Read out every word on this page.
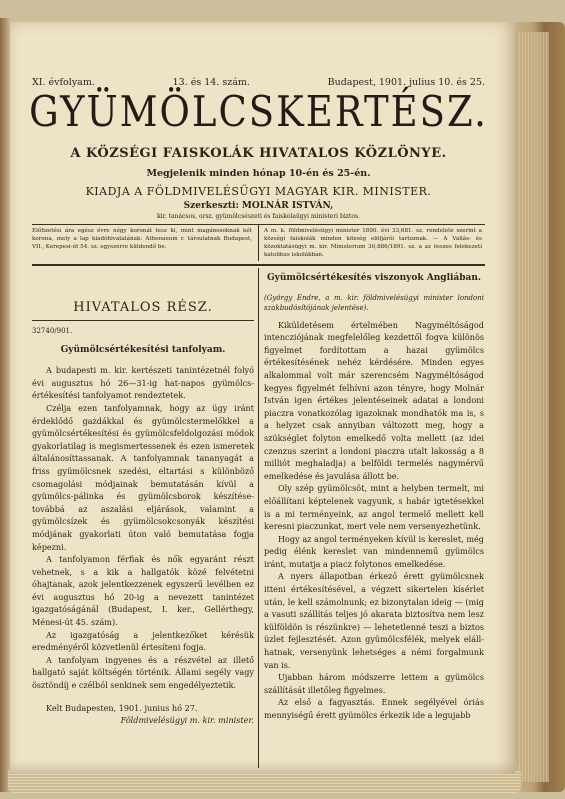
XI. évfolyam.	13. és 14. szám.	Budapest, 1901. julius 10. és 25.
GYÜMÖLCSKERTÉSZ.
A KÖZSÉGI FAISKOLÁK HIVATALOS KÖZLÖNYE.
Megjelenik minden hónap 10-én és 25-én.
KIADJA A FÖLDMIVELÉSÜGYI MAGYAR KIR. MINISTER.
Szerkeszti: MOLNÁR ISTVÁN,
kir. tanácsos, orsz. gyümölcsészeti és faiskolaügyi ministeri biztos.
Előfizetési ára egész évre négy koronát tesz ki, mint magánosoknak két korona, mely a lap kiadóhivatalának: Athenaeum r. társulatnak Budapest, VII., Kerepesi-út 54. sz. egyszerre küldendő be.
A m. k. földmivelésügyi minister 1890. évi 33,681. sz. rendelete szerint a községi faiskolák minden község elöljárói tartoznak. — A Vallás- és közoktatásügyi m. kir. Ministerium 30,886/1891. sz. a az összes felekezeti katolikus iskolákban.
HIVATALOS RÉSZ.

32740/901.

Gyümölcsértékesítési tanfolyam.

A budapesti m. kir. kertészeti tanintézetnél folyó évi augusztus hó 26—31-ig hat-napos gyümölcs-értékesítési tanfolyamot rendeztetek.

Czélja ezen tanfolyamnak, hogy az ügy iránt érdeklődő gazdákkal és gyümölcstermelőkkel a gyümölcsértékesítési és gyümölcsfeldolgozási módok gyakorlatilag is megismertessenek és ezen ismeretek általánosíttassanak. A tanfolyamnak tananyagát a friss gyümölcsnek szedési, eltartási s különböző csomagolási módjainak bemutatásán kívül a gyümölcs-pálinka és gyümölcsborok készítése- továbbá az aszalási eljárások, valamint a gyümölcsízek és gyümölcsokcsonyák készítési módjának gyakorlati úton való bemutatása fogja képezni.

A tanfolyamon férfiak és nők egyaránt részt vehetnek, s a kik a hallgatók közé felvétetni óhajtanak, azok jelentkezzenek egyszerű levélben ez évi augusztus hó 20-ig a nevezett tanintézet igazgatóságánál (Budapest, I. ker., Gellérthegy, Ménesi-út 45. szám).

Az igazgatóság a jelentkezőket kérésük eredményéről közvetlenül értesíteni fogja.

A tanfolyam ingyenes és a részvétel az illető hallgató saját költségén történik. Állami segély vagy ösztöndíj e czélból senkinek sem engedélyeztetik.

Kelt Budapesten, 1901. junius hó 27.

Földmivelésügyi m. kir. minister.

Gyümölcsértékesítés viszonyok Angliában.

(György Endre, a m. kir. földmivelésügyi minister londoni szakbudósítójának jelentése).

Kiküldetésem értelmében Nagyméltóságod intencziójának megfelelőleg kezdettől fogva különös figyelmet fordítottam a hazai gyümölcs értékesítésének nehéz kérdésére. Minden egyes alkalommal volt már szerencsém Nagyméltóságod kegyes figyelmét felhívni azon tényre, hogy Molnár István igen értékes jelentéseinek adatai a londoni piaczra vonatkozólag igazoknak mondhatók ma is, s a helyzet csak annyiban változott meg, hogy a szükséglet folyton emelkedő volta mellett (az idei czenzus szerint a londoni piaczra utalt lakosság a 8 milliót meghaladja) a belföldi termelés nagymérvű emelkedése és javulása állott be.

Oly szép gyümölcsöt, mint a helyben termelt, mi előállítani képtelenek vagyunk, s habár igtetésekkel is a mi terményeink, az angol termelő mellett kell keresni piaczunkat, mert vele nem versenyezhetünk.

Hogy az angol terményeken kívül is kereslet, még pedig élénk kereslet van mindennemű gyümölcs iránt, mutatja a piacz folytonos emelkedése.

A nyers állapotban érkező érett gyümölcsnek itteni értékesítésével, a végzett sikertelen kísérlet után, le kell számolnunk; ez bizonytalan ideig — (mig a vasuti szállítás teljes jó akarata biztosítva nem lesz külföldön is részünkre) — lehetetlenné teszi a biztos üzlet fejlesztését. Azon gyümölcsfélék, melyek elállhatnak, versenyünk lehetséges a némi forgalmunk van is.

Ujabban három módszerre lettem a gyümölcs szállítását illetőleg figyelmes.

Az első a fagyasztás. Ennek segélyével óriás mennyiségű érett gyümölcs érkezik ide a legujabb
